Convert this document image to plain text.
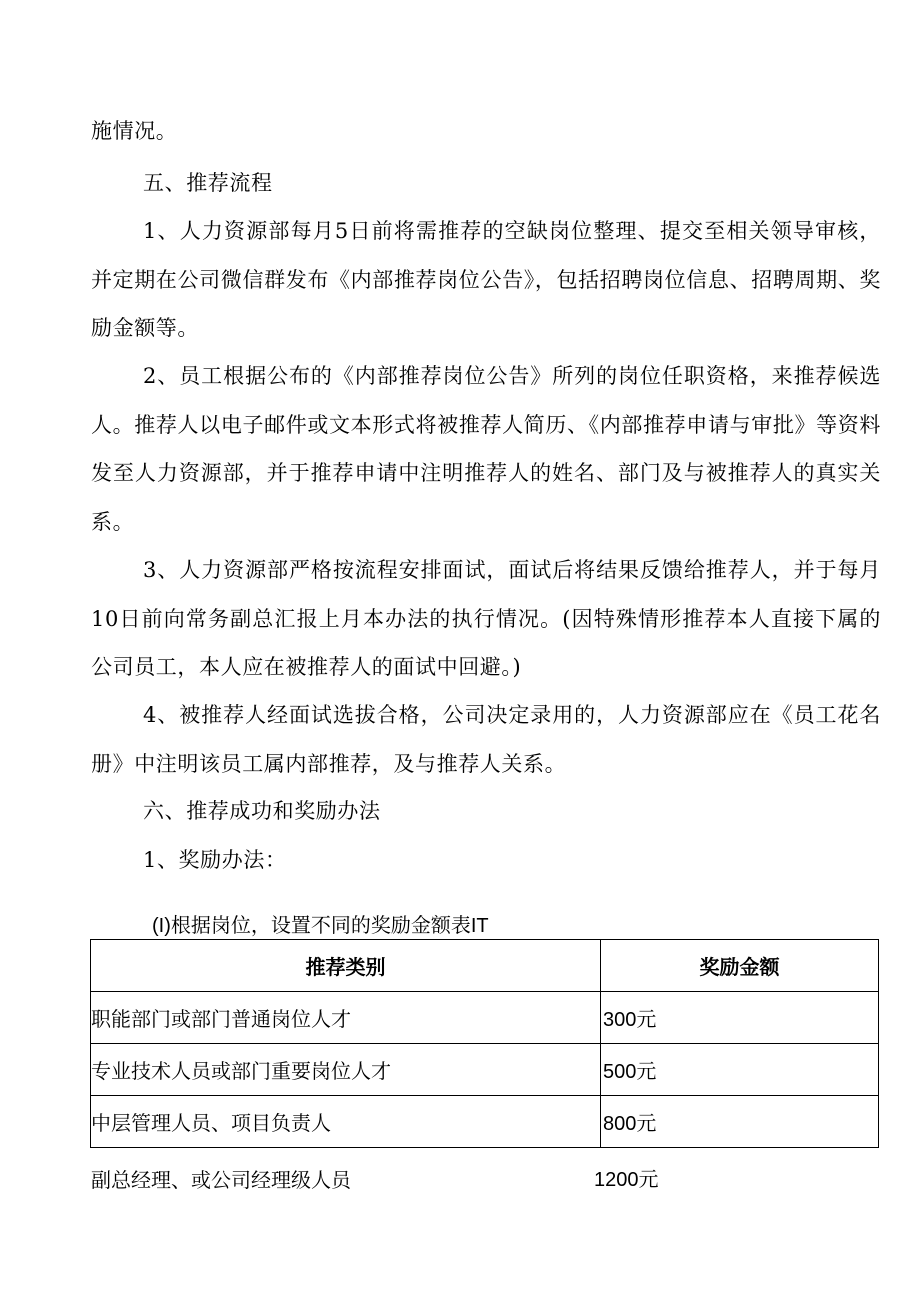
施情况。

五、推荐流程

1、人力资源部每月5日前将需推荐的空缺岗位整理、提交至相关领导审核，并定期在公司微信群发布《内部推荐岗位公告》，包括招聘岗位信息、招聘周期、奖励金额等。

2、员工根据公布的《内部推荐岗位公告》所列的岗位任职资格，来推荐候选人。推荐人以电子邮件或文本形式将被推荐人简历、《内部推荐申请与审批》等资料发至人力资源部，并于推荐申请中注明推荐人的姓名、部门及与被推荐人的真实关系。

3、人力资源部严格按流程安排面试，面试后将结果反馈给推荐人，并于每月10日前向常务副总汇报上月本办法的执行情况。(因特殊情形推荐本人直接下属的公司员工，本人应在被推荐人的面试中回避。)

4、被推荐人经面试选拔合格，公司决定录用的，人力资源部应在《员工花名册》中注明该员工属内部推荐，及与推荐人关系。

六、推荐成功和奖励办法

1、奖励办法：

(I)根据岗位，设置不同的奖励金额表IT
推荐类别	奖励金额
职能部门或部门普通岗位人才	300元
专业技术人员或部门重要岗位人才	500元
中层管理人员、项目负责人	800元
副总经理、或公司经理级人员	1200元
